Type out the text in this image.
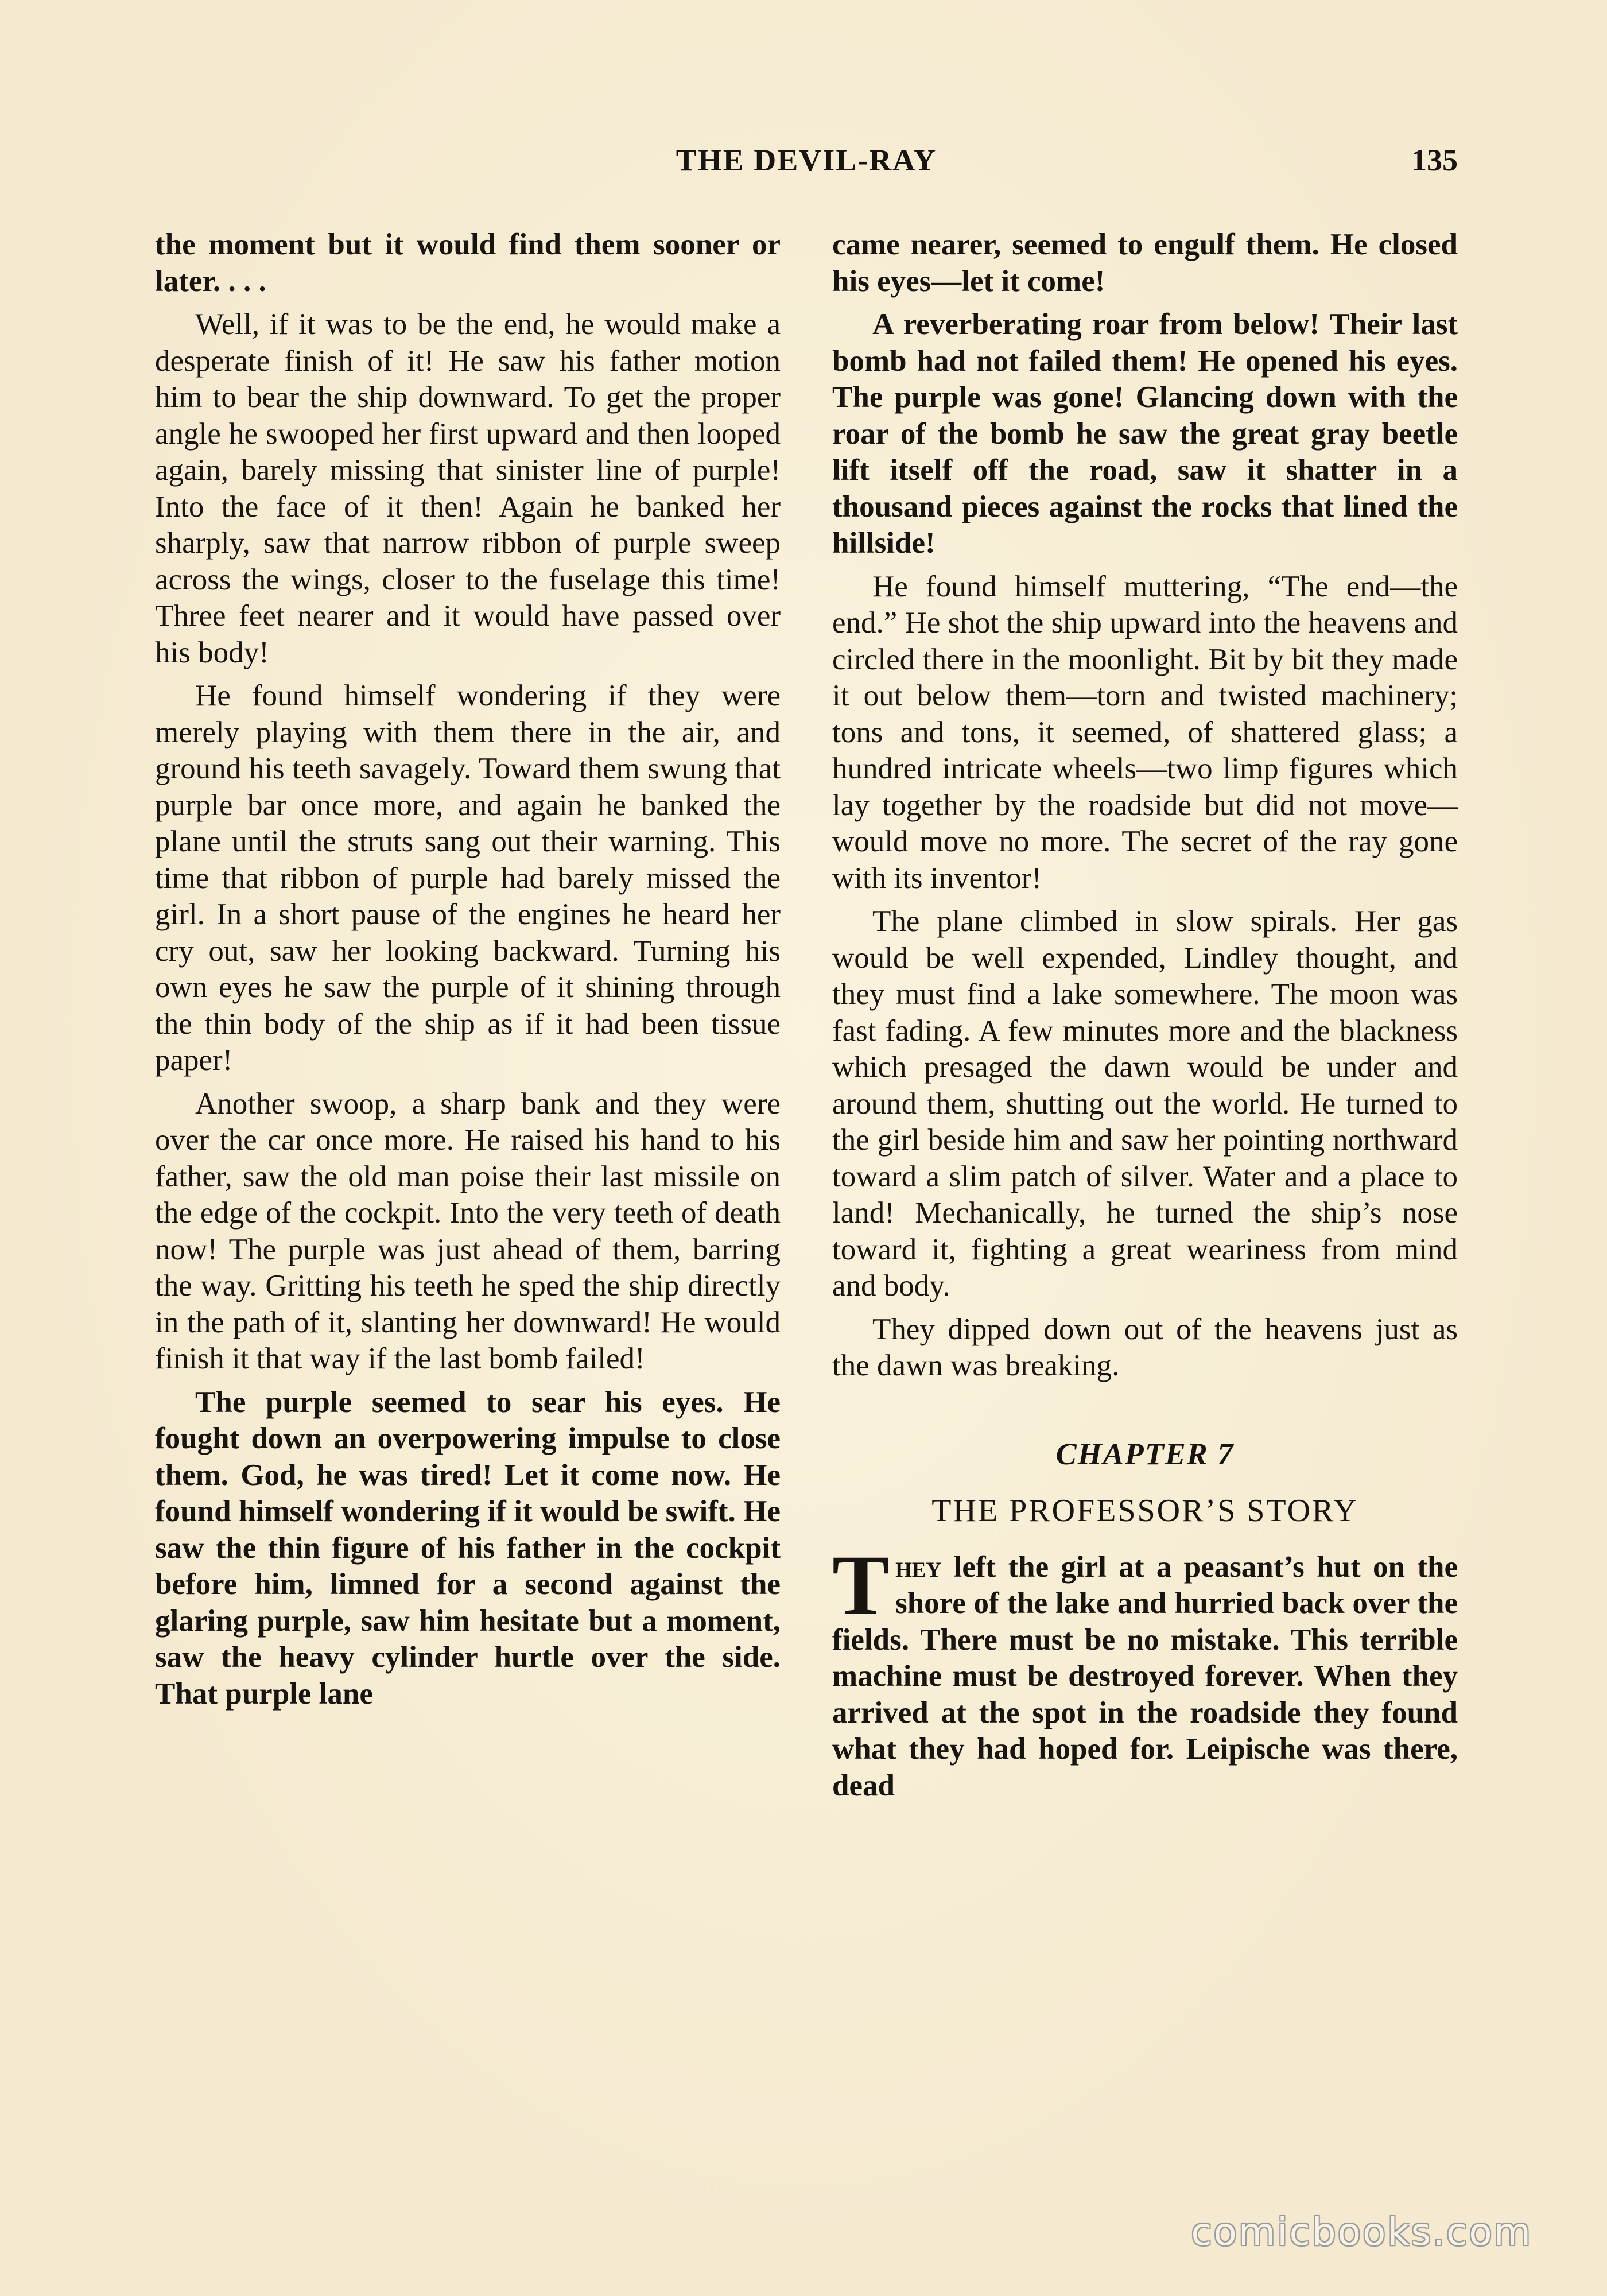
THE DEVIL-RAY	135

the moment but it would find them sooner or later. . . .

Well, if it was to be the end, he would make a desperate finish of it! He saw his father motion him to bear the ship downward. To get the proper angle he swooped her first upward and then looped again, barely missing that sinister line of purple! Into the face of it then! Again he banked her sharply, saw that narrow ribbon of purple sweep across the wings, closer to the fuselage this time! Three feet nearer and it would have passed over his body!

He found himself wondering if they were merely playing with them there in the air, and ground his teeth savagely. Toward them swung that purple bar once more, and again he banked the plane until the struts sang out their warning. This time that ribbon of purple had barely missed the girl. In a short pause of the engines he heard her cry out, saw her looking backward. Turning his own eyes he saw the purple of it shining through the thin body of the ship as if it had been tissue paper!

Another swoop, a sharp bank and they were over the car once more. He raised his hand to his father, saw the old man poise their last missile on the edge of the cockpit. Into the very teeth of death now! The purple was just ahead of them, barring the way. Gritting his teeth he sped the ship directly in the path of it, slanting her downward! He would finish it that way if the last bomb failed!

The purple seemed to sear his eyes. He fought down an overpowering impulse to close them. God, he was tired! Let it come now. He found himself wondering if it would be swift. He saw the thin figure of his father in the cockpit before him, limned for a second against the glaring purple, saw him hesitate but a moment, saw the heavy cylinder hurtle over the side. That purple lane

came nearer, seemed to engulf them. He closed his eyes—let it come!

A reverberating roar from below! Their last bomb had not failed them! He opened his eyes. The purple was gone! Glancing down with the roar of the bomb he saw the great gray beetle lift itself off the road, saw it shatter in a thousand pieces against the rocks that lined the hillside!

He found himself muttering, “The end—the end.” He shot the ship upward into the heavens and circled there in the moonlight. Bit by bit they made it out below them—torn and twisted machinery; tons and tons, it seemed, of shattered glass; a hundred intricate wheels—two limp figures which lay together by the roadside but did not move—would move no more. The secret of the ray gone with its inventor!

The plane climbed in slow spirals. Her gas would be well expended, Lindley thought, and they must find a lake somewhere. The moon was fast fading. A few minutes more and the blackness which presaged the dawn would be under and around them, shutting out the world. He turned to the girl beside him and saw her pointing northward toward a slim patch of silver. Water and a place to land! Mechanically, he turned the ship’s nose toward it, fighting a great weariness from mind and body.

They dipped down out of the heavens just as the dawn was breaking.

CHAPTER 7
THE PROFESSOR’S STORY

They left the girl at a peasant’s hut on the shore of the lake and hurried back over the fields. There must be no mistake. This terrible machine must be destroyed forever. When they arrived at the spot in the roadside they found what they had hoped for. Leipische was there, dead

comicbooks.com
